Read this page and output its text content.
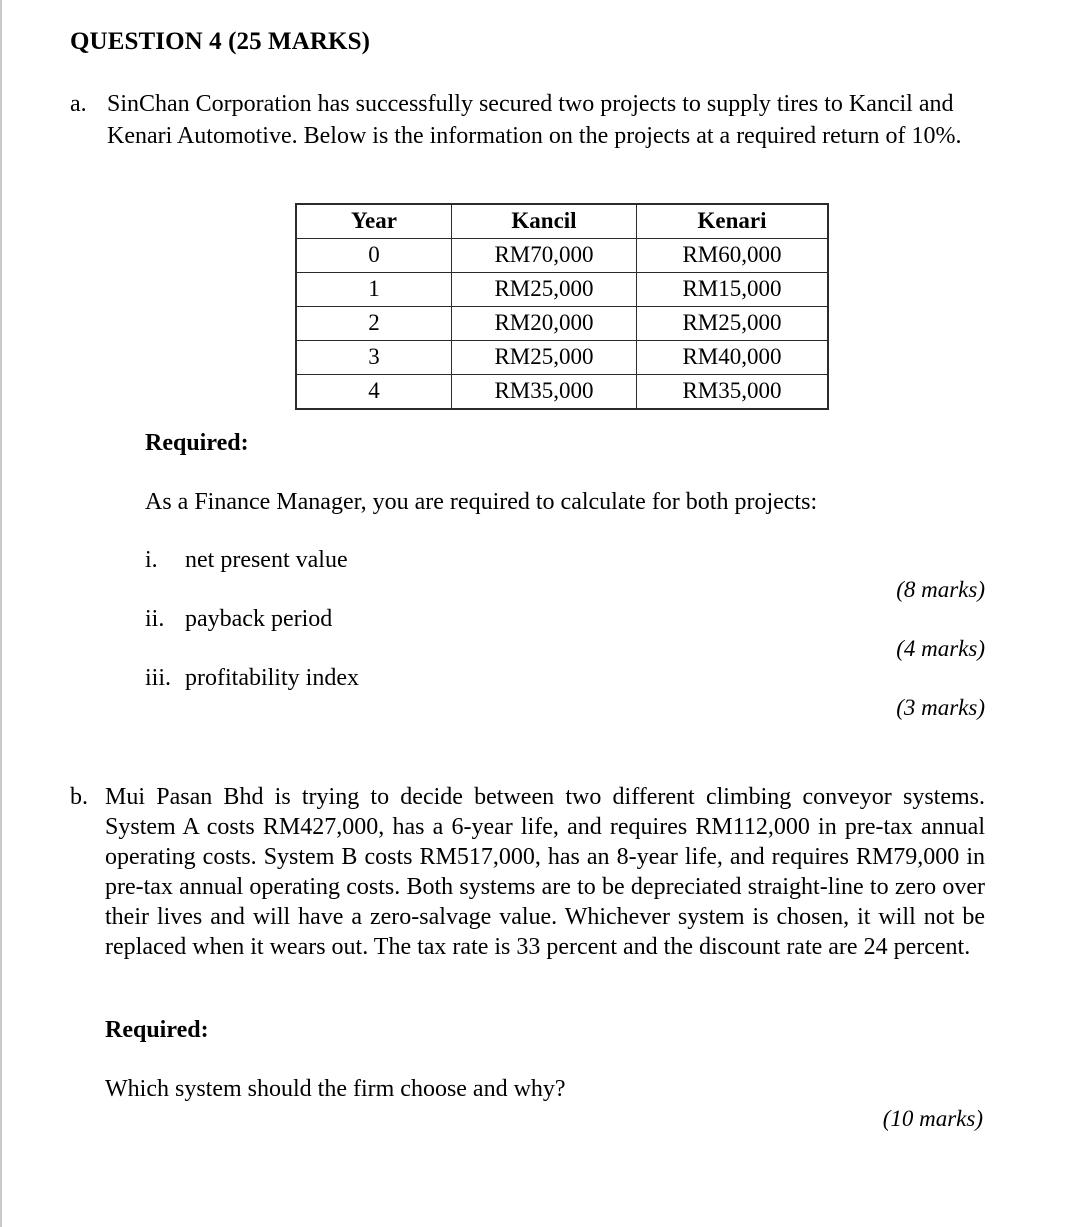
QUESTION 4 (25 MARKS)
a. SinChan Corporation has successfully secured two projects to supply tires to Kancil and Kenari Automotive. Below is the information on the projects at a required return of 10%.
Year	Kancil	Kenari
0	RM70,000	RM60,000
1	RM25,000	RM15,000
2	RM20,000	RM25,000
3	RM25,000	RM40,000
4	RM35,000	RM35,000
Required:
As a Finance Manager, you are required to calculate for both projects:
i.	net present value
(8 marks)
ii. payback period
(4 marks)
iii. profitability index
(3 marks)
b. Mui Pasan Bhd is trying to decide between two different climbing conveyor systems. System A costs RM427,000, has a 6-year life, and requires RM112,000 in pre-tax annual operating costs. System B costs RM517,000, has an 8-year life, and requires RM79,000 in pre-tax annual operating costs. Both systems are to be depreciated straight-line to zero over their lives and will have a zero-salvage value. Whichever system is chosen, it will not be replaced when it wears out. The tax rate is 33 percent and the discount rate are 24 percent.
Required:
Which system should the firm choose and why?
(10 marks)
